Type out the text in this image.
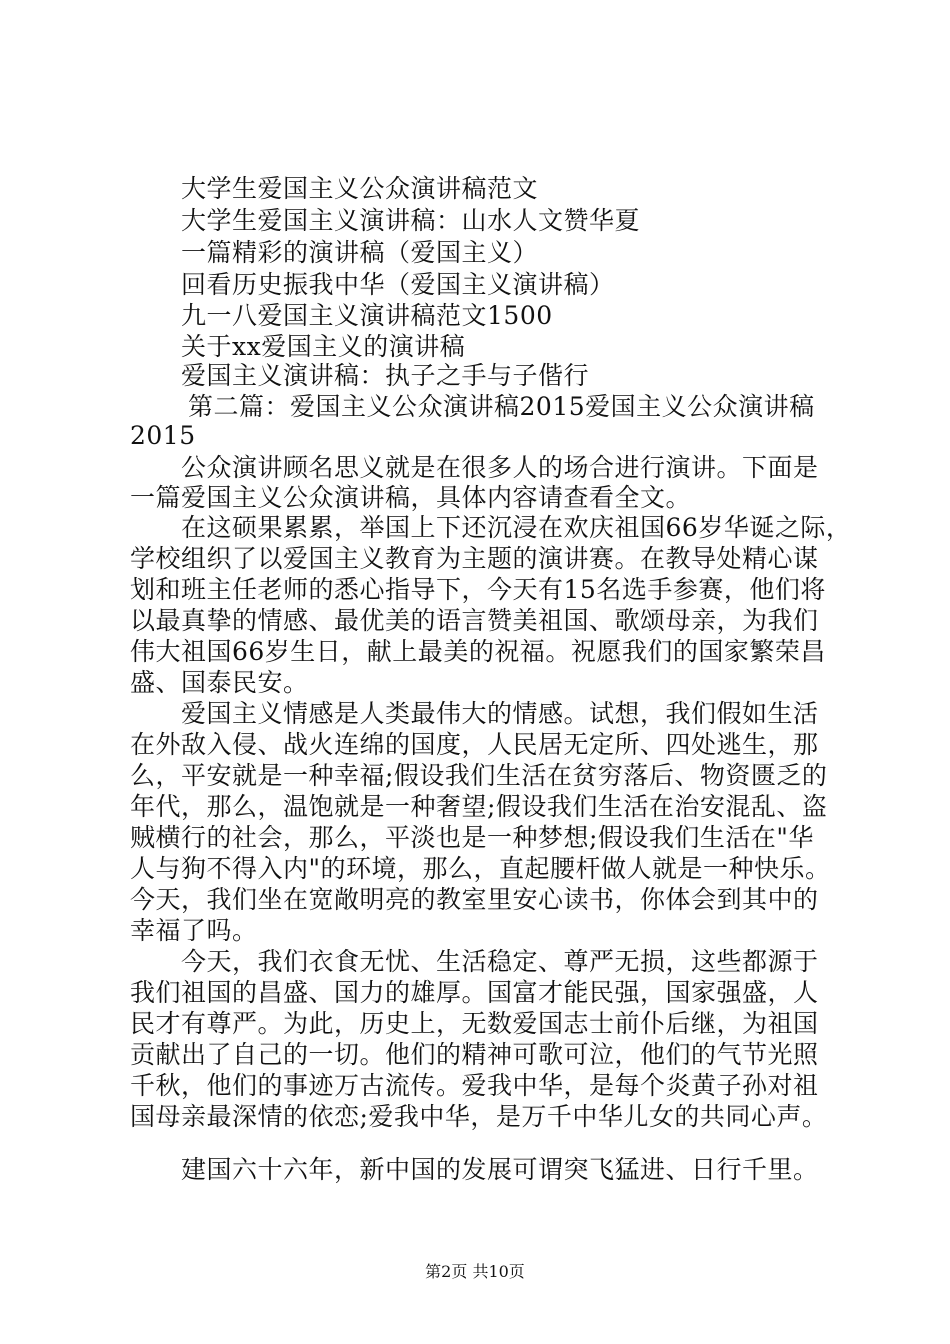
大学生爱国主义公众演讲稿范文
大学生爱国主义演讲稿：山水人文赞华夏
一篇精彩的演讲稿（爱国主义）
回看历史振我中华（爱国主义演讲稿）
九一八爱国主义演讲稿范文1500
关于xx爱国主义的演讲稿
爱国主义演讲稿：执子之手与子偕行
第二篇：爱国主义公众演讲稿2015爱国主义公众演讲稿
2015
公众演讲顾名思义就是在很多人的场合进行演讲。下面是
一篇爱国主义公众演讲稿，具体内容请查看全文。
在这硕果累累，举国上下还沉浸在欢庆祖国66岁华诞之际，
学校组织了以爱国主义教育为主题的演讲赛。在教导处精心谋
划和班主任老师的悉心指导下，今天有15名选手参赛，他们将
以最真挚的情感、最优美的语言赞美祖国、歌颂母亲，为我们
伟大祖国66岁生日，献上最美的祝福。祝愿我们的国家繁荣昌
盛、国泰民安。
爱国主义情感是人类最伟大的情感。试想，我们假如生活
在外敌入侵、战火连绵的国度，人民居无定所、四处逃生，那
么，平安就是一种幸福;假设我们生活在贫穷落后、物资匮乏的
年代，那么，温饱就是一种奢望;假设我们生活在治安混乱、盗
贼横行的社会，那么，平淡也是一种梦想;假设我们生活在"华
人与狗不得入内"的环境，那么，直起腰杆做人就是一种快乐。
今天，我们坐在宽敞明亮的教室里安心读书，你体会到其中的
幸福了吗。
今天，我们衣食无忧、生活稳定、尊严无损，这些都源于
我们祖国的昌盛、国力的雄厚。国富才能民强，国家强盛，人
民才有尊严。为此，历史上，无数爱国志士前仆后继，为祖国
贡献出了自己的一切。他们的精神可歌可泣，他们的气节光照
千秋，他们的事迹万古流传。爱我中华，是每个炎黄子孙对祖
国母亲最深情的依恋;爱我中华，是万千中华儿女的共同心声。
建国六十六年，新中国的发展可谓突飞猛进、日行千里。
第2页 共10页
